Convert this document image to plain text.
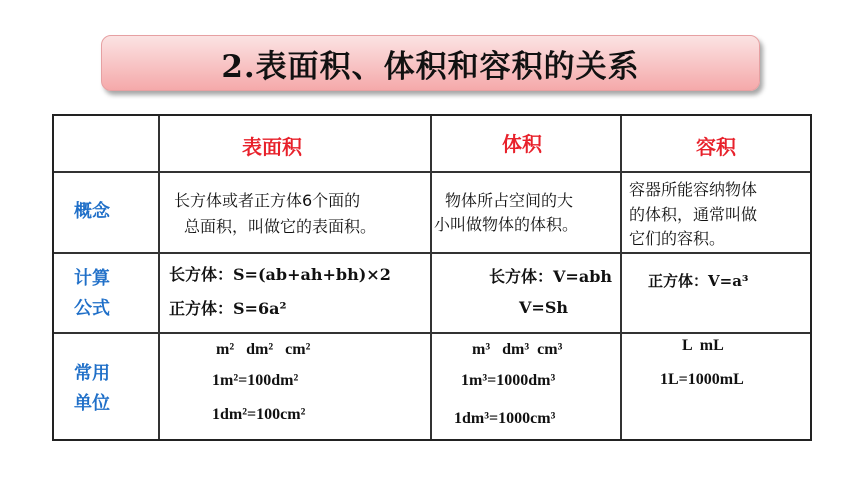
2.表面积、体积和容积的关系
表面积	体积	容积
概念
计算
公式
常用
单位
长方体或者正方体6个面的
总面积，叫做它的表面积。
物体所占空间的大
小叫做物体的体积。
容器所能容纳物体
的体积，通常叫做
它们的容积。
长方体：S=(ab+ah+bh)×2
正方体：S=6a²
长方体：V=abh 正方体：V=a³
V=Sh
m²   dm²   cm²
1m²=100dm²
1dm²=100cm²
m³   dm³  cm³
1m³=1000dm³
1dm³=1000cm³
L  mL
1L=1000mL
